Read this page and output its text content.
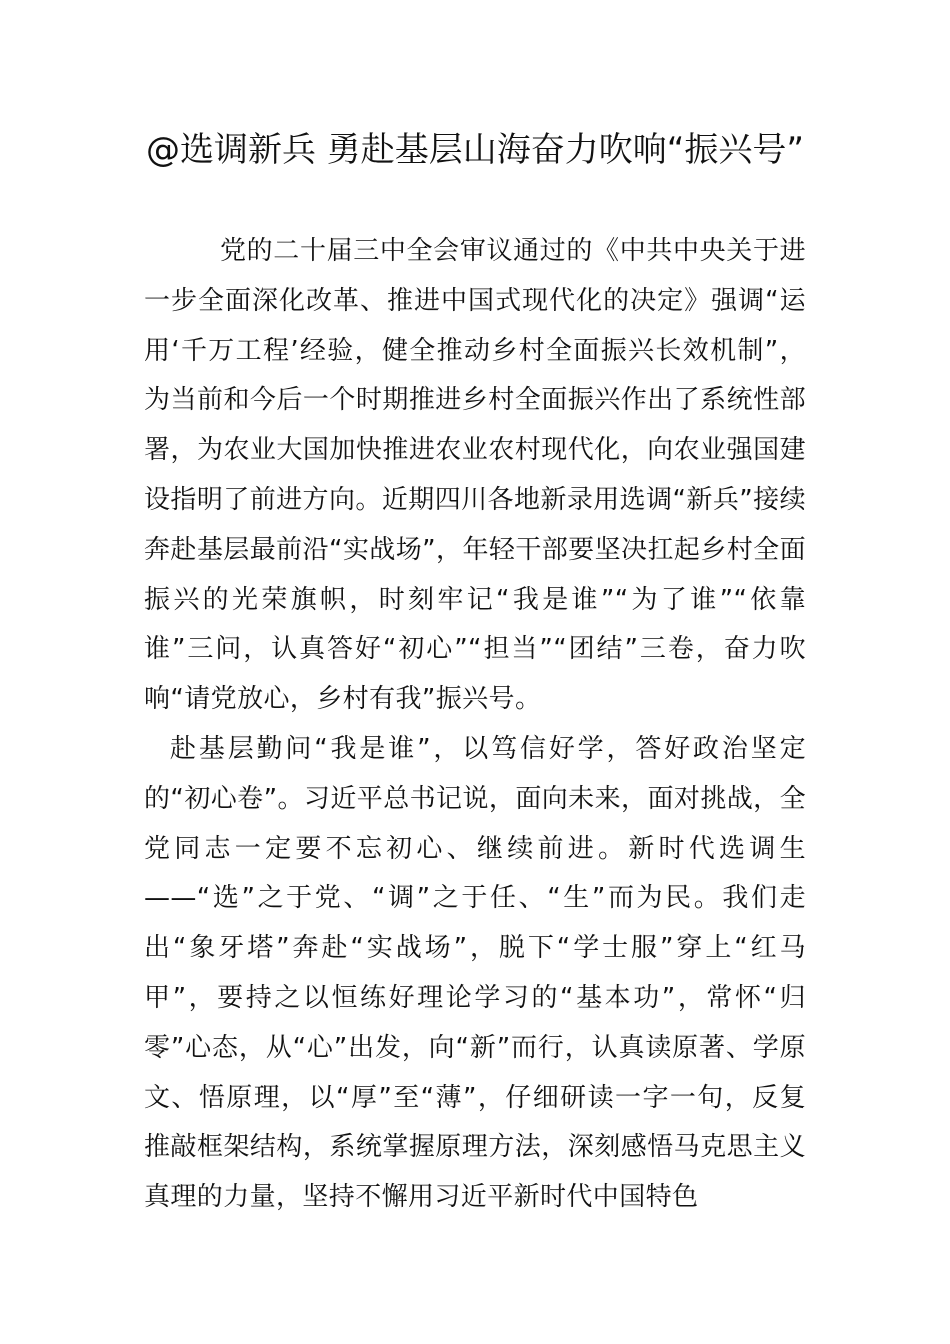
@选调新兵 勇赴基层山海奋力吹响“振兴号”

党的二十届三中全会审议通过的《中共中央关于进一步全面深化改革、推进中国式现代化的决定》强调“运用‘千万工程’经验，健全推动乡村全面振兴长效机制”，为当前和今后一个时期推进乡村全面振兴作出了系统性部署，为农业大国加快推进农业农村现代化，向农业强国建设指明了前进方向。近期四川各地新录用选调“新兵”接续奔赴基层最前沿“实战场”，年轻干部要坚决扛起乡村全面振兴的光荣旗帜，时刻牢记“我是谁”“为了谁”“依靠谁”三问，认真答好“初心”“担当”“团结”三卷，奋力吹响“请党放心，乡村有我”振兴号。

赴基层勤问“我是谁”，以笃信好学，答好政治坚定的“初心卷”。习近平总书记说，面向未来，面对挑战，全党同志一定要不忘初心、继续前进。新时代选调生——“选”之于党、“调”之于任、“生”而为民。我们走出“象牙塔”奔赴“实战场”，脱下“学士服”穿上“红马甲”，要持之以恒练好理论学习的“基本功”，常怀“归零”心态，从“心”出发，向“新”而行，认真读原著、学原文、悟原理，以“厚”至“薄”，仔细研读一字一句，反复推敲框架结构，系统掌握原理方法，深刻感悟马克思主义真理的力量，坚持不懈用习近平新时代中国特色
